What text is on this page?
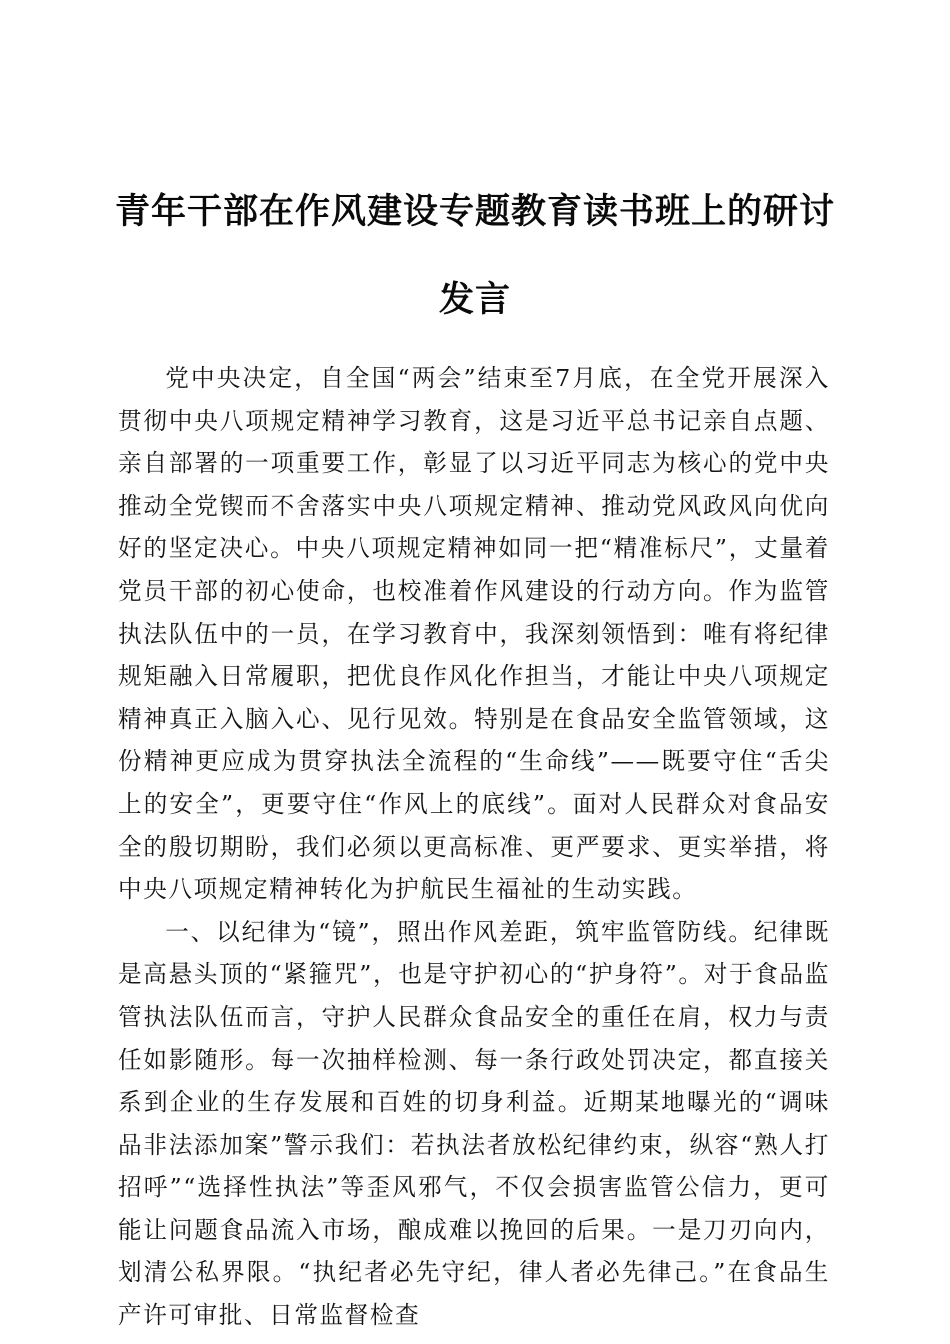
青年干部在作风建设专题教育读书班上的研讨
发言

党中央决定，自全国“两会”结束至7月底，在全党开展深入贯彻中央八项规定精神学习教育，这是习近平总书记亲自点题、亲自部署的一项重要工作，彰显了以习近平同志为核心的党中央推动全党锲而不舍落实中央八项规定精神、推动党风政风向优向好的坚定决心。中央八项规定精神如同一把“精准标尺”，丈量着党员干部的初心使命，也校准着作风建设的行动方向。作为监管执法队伍中的一员，在学习教育中，我深刻领悟到：唯有将纪律规矩融入日常履职，把优良作风化作担当，才能让中央八项规定精神真正入脑入心、见行见效。特别是在食品安全监管领域，这份精神更应成为贯穿执法全流程的“生命线”——既要守住“舌尖上的安全”，更要守住“作风上的底线”。面对人民群众对食品安全的殷切期盼，我们必须以更高标准、更严要求、更实举措，将中央八项规定精神转化为护航民生福祉的生动实践。

一、以纪律为“镜”，照出作风差距，筑牢监管防线。纪律既是高悬头顶的“紧箍咒”，也是守护初心的“护身符”。对于食品监管执法队伍而言，守护人民群众食品安全的重任在肩，权力与责任如影随形。每一次抽样检测、每一条行政处罚决定，都直接关系到企业的生存发展和百姓的切身利益。近期某地曝光的“调味品非法添加案”警示我们：若执法者放松纪律约束，纵容“熟人打招呼”“选择性执法”等歪风邪气，不仅会损害监管公信力，更可能让问题食品流入市场，酿成难以挽回的后果。一是刀刃向内，划清公私界限。“执纪者必先守纪，律人者必先律己。”在食品生产许可审批、日常监督检查
